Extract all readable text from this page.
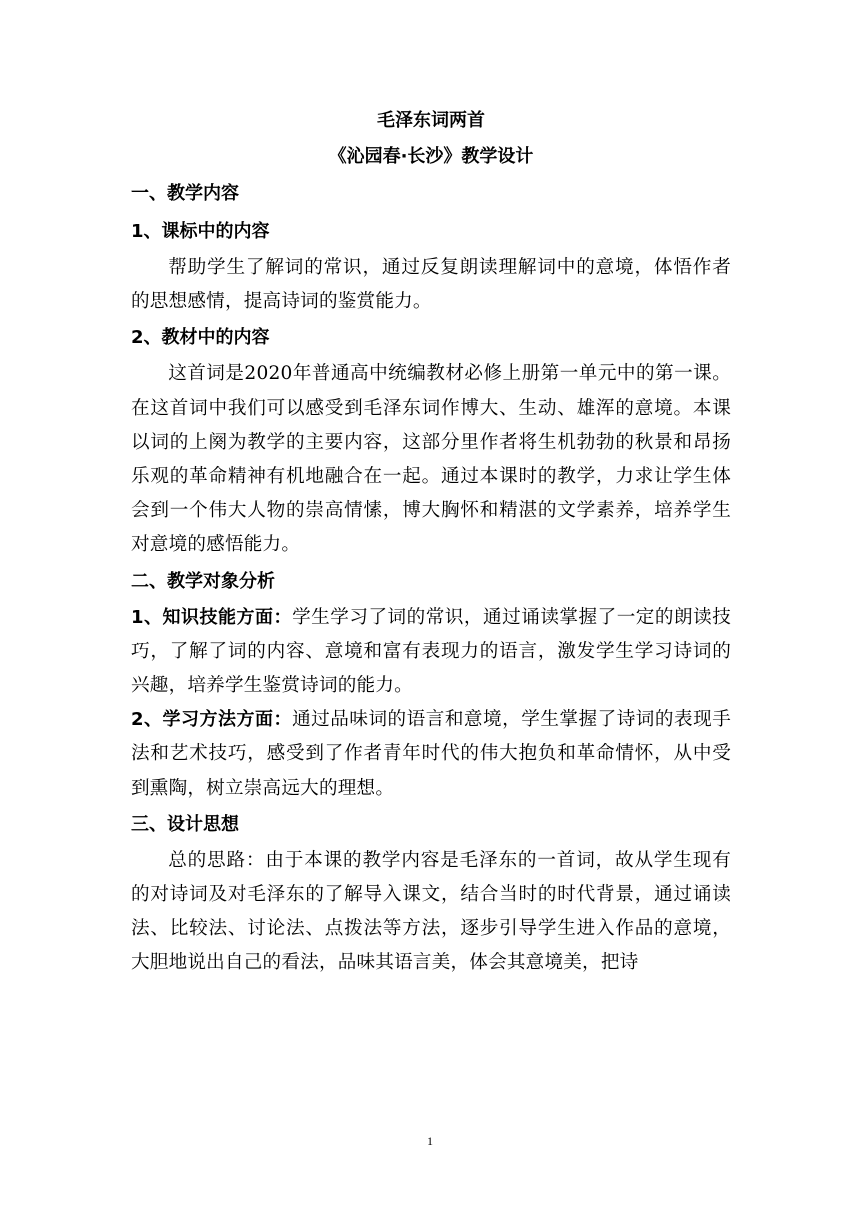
毛泽东词两首

《沁园春·长沙》教学设计

一、教学内容

1、课标中的内容

帮助学生了解词的常识，通过反复朗读理解词中的意境，体悟作者的思想感情，提高诗词的鉴赏能力。

2、教材中的内容

这首词是2020年普通高中统编教材必修上册第一单元中的第一课。在这首词中我们可以感受到毛泽东词作博大、生动、雄浑的意境。本课以词的上阕为教学的主要内容，这部分里作者将生机勃勃的秋景和昂扬乐观的革命精神有机地融合在一起。通过本课时的教学，力求让学生体会到一个伟大人物的崇高情愫，博大胸怀和精湛的文学素养，培养学生对意境的感悟能力。

二、教学对象分析

1、知识技能方面：学生学习了词的常识，通过诵读掌握了一定的朗读技巧，了解了词的内容、意境和富有表现力的语言，激发学生学习诗词的兴趣，培养学生鉴赏诗词的能力。

2、学习方法方面：通过品味词的语言和意境，学生掌握了诗词的表现手法和艺术技巧，感受到了作者青年时代的伟大抱负和革命情怀，从中受到熏陶，树立崇高远大的理想。

三、设计思想

总的思路：由于本课的教学内容是毛泽东的一首词，故从学生现有的对诗词及对毛泽东的了解导入课文，结合当时的时代背景，通过诵读法、比较法、讨论法、点拨法等方法，逐步引导学生进入作品的意境，大胆地说出自己的看法，品味其语言美，体会其意境美，把诗

1
